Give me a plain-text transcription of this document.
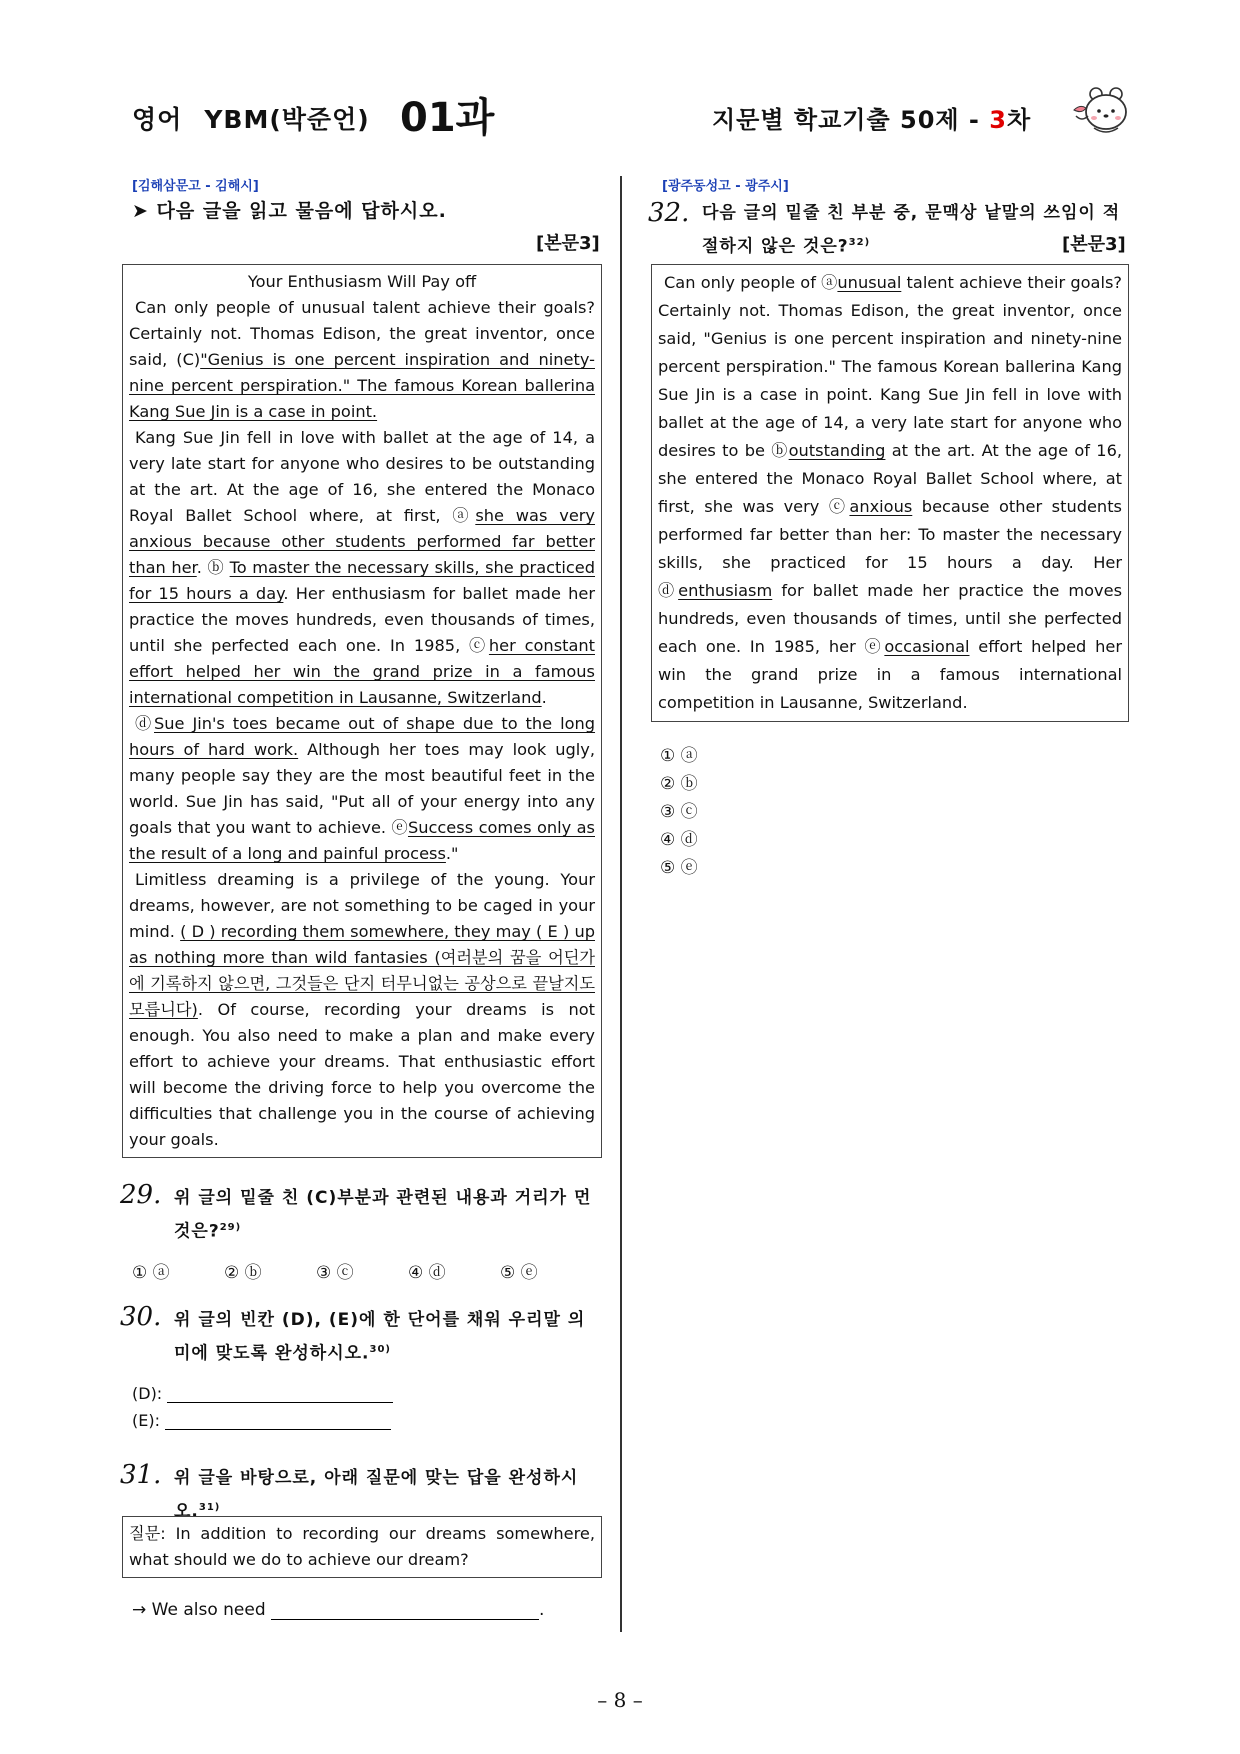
영어 YBM(박준언) 01과	지문별 학교기출 50제 - 3차
[김해삼문고 - 김해시]
➤ 다음 글을 읽고 물음에 답하시오.
[본문3]

Your Enthusiasm Will Pay off

Can only people of unusual talent achieve their goals? Certainly not. Thomas Edison, the great inventor, once said, (C)"Genius is one percent inspiration and ninety-nine percent perspiration." The famous Korean ballerina Kang Sue Jin is a case in point.

Kang Sue Jin fell in love with ballet at the age of 14, a very late start for anyone who desires to be outstanding at the art. At the age of 16, she entered the Monaco Royal Ballet School where, at first, ⓐshe was very anxious because other students performed far better than her. ⓑ To master the necessary skills, she practiced for 15 hours a day. Her enthusiasm for ballet made her practice the moves hundreds, even thousands of times, until she perfected each one. In 1985, ⓒher constant effort helped her win the grand prize in a famous international competition in Lausanne, Switzerland.

ⓓSue Jin's toes became out of shape due to the long hours of hard work. Although her toes may look ugly, many people say they are the most beautiful feet in the world. Sue Jin has said, "Put all of your energy into any goals that you want to achieve. ⓔSuccess comes only as the result of a long and painful process."

Limitless dreaming is a privilege of the young. Your dreams, however, are not something to be caged in your mind. ( D ) recording them somewhere, they may ( E ) up as nothing more than wild fantasies (여러분의 꿈을 어딘가에 기록하지 않으면, 그것들은 단지 터무니없는 공상으로 끝날지도 모릅니다). Of course, recording your dreams is not enough. You also need to make a plan and make every effort to achieve your dreams. That enthusiastic effort will become the driving force to help you overcome the difficulties that challenge you in the course of achieving your goals.

29. 위 글의 밑줄 친 (C)부분과 관련된 내용과 거리가 먼 것은?$^{29)}$
① ⓐ	② ⓑ	③ ⓒ	④ ⓓ	⑤ ⓔ
30. 위 글의 빈칸 (D), (E)에 한 단어를 채워 우리말 의미에 맞도록 완성하시오.$^{30)}$
(D):
(E):
31. 위 글을 바탕으로, 아래 질문에 맞는 답을 완성하시오.$^{31)}$
질문: In addition to recording our dreams somewhere, what should we do to achieve our dream?
→ We also need	.
[광주동성고 - 광주시]
32. 다음 글의 밑줄 친 부분 중, 문맥상 낱말의 쓰임이 적
절하지 않은 것은?$^{32)}$	[본문3]

Can only people of ⓐunusual talent achieve their goals? Certainly not. Thomas Edison, the great inventor, once said, "Genius is one percent inspiration and ninety-nine percent perspiration." The famous Korean ballerina Kang Sue Jin is a case in point. Kang Sue Jin fell in love with ballet at the age of 14, a very late start for anyone who desires to be ⓑoutstanding at the art. At the age of 16, she entered the Monaco Royal Ballet School where, at first, she was very ⓒanxious because other students performed far better than her: To master the necessary skills, she practiced for 15 hours a day. Her ⓓenthusiasm for ballet made her practice the moves hundreds, even thousands of times, until she perfected each one. In 1985, her ⓔoccasional effort helped her win the grand prize in a famous international competition in Lausanne, Switzerland.

① ⓐ
② ⓑ
③ ⓒ
④ ⓓ
⑤ ⓔ
– 8 –
